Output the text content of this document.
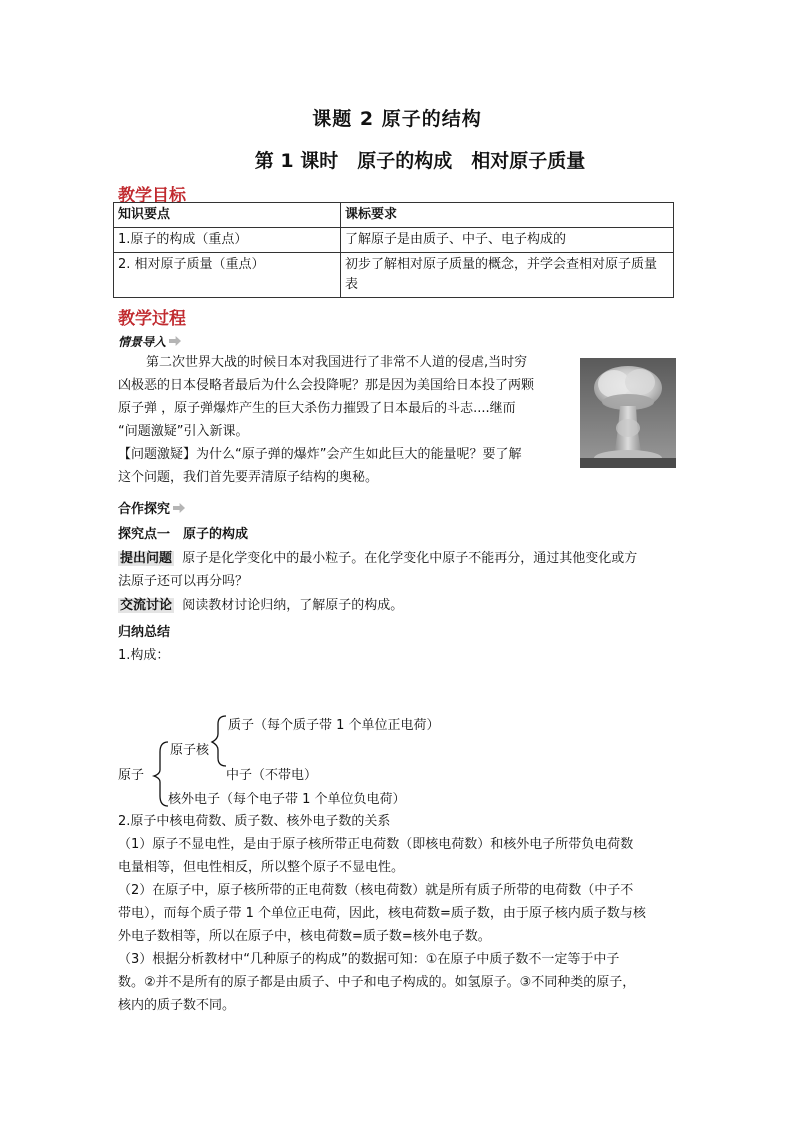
课题 2 原子的结构
第 1 课时　原子的构成　相对原子质量
教学目标
知识要点	课标要求
1.原子的构成（重点）	了解原子是由质子、中子、电子构成的
2. 相对原子质量（重点）	初步了解相对原子质量的概念，并学会查相对原子质量表
教学过程
情景导入
第二次世界大战的时候日本对我国进行了非常不人道的侵虐,当时穷
凶极恶的日本侵略者最后为什么会投降呢？那是因为美国给日本投了两颗
原子弹 ，原子弹爆炸产生的巨大杀伤力摧毁了日本最后的斗志....继而
“问题激疑”引入新课。
【问题激疑】为什么“原子弹的爆炸”会产生如此巨大的能量呢？要了解
这个问题，我们首先要弄清原子结构的奥秘。
合作探究
探究点一　原子的构成
提出问题 原子是化学变化中的最小粒子。在化学变化中原子不能再分，通过其他变化或方
法原子还可以再分吗？
交流讨论 阅读教材讨论归纳，了解原子的构成。
归纳总结
1.构成：
质子（每个质子带 1 个单位正电荷）
原子核
中子（不带电）
原子
核外电子（每个电子带 1 个单位负电荷）
2.原子中核电荷数、质子数、核外电子数的关系
（1）原子不显电性，是由于原子核所带正电荷数（即核电荷数）和核外电子所带负电荷数
电量相等，但电性相反，所以整个原子不显电性。
（2）在原子中，原子核所带的正电荷数（核电荷数）就是所有质子所带的电荷数（中子不
带电），而每个质子带 1 个单位正电荷，因此，核电荷数=质子数，由于原子核内质子数与核
外电子数相等，所以在原子中，核电荷数=质子数=核外电子数。
（3）根据分析教材中“几种原子的构成”的数据可知：①在原子中质子数不一定等于中子
数。②并不是所有的原子都是由质子、中子和电子构成的。如氢原子。③不同种类的原子，
核内的质子数不同。
